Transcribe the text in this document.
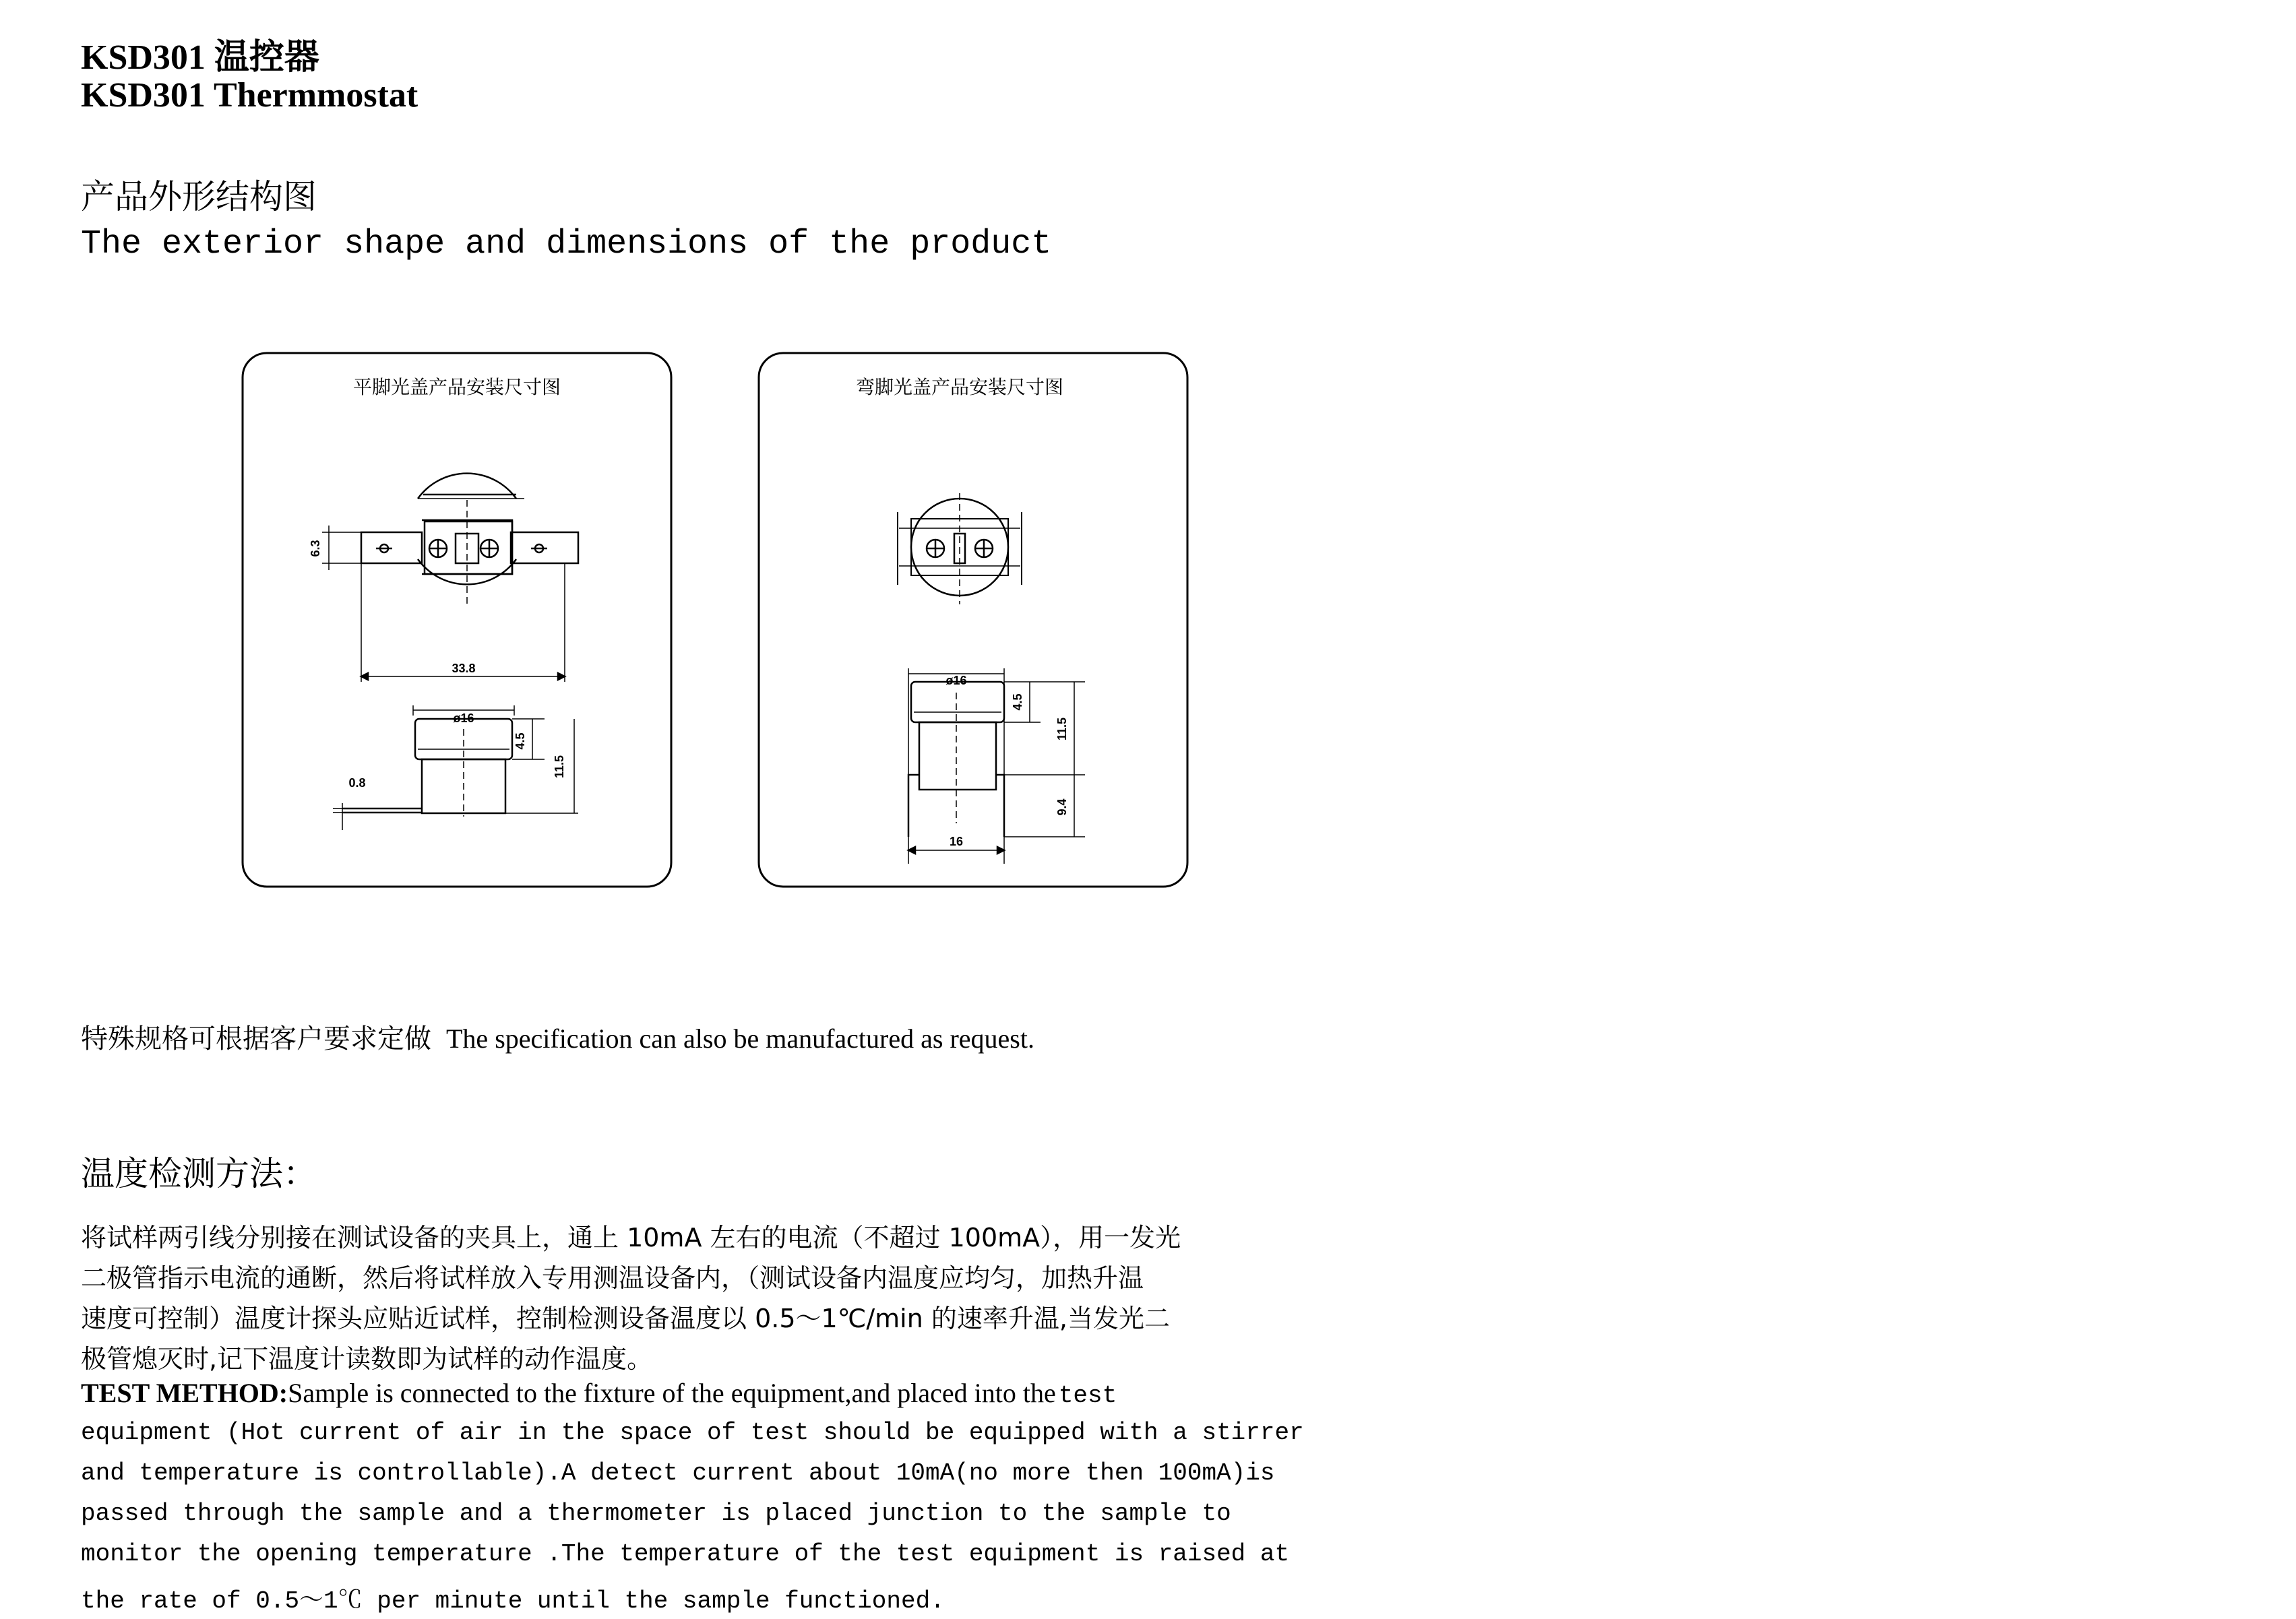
KSD301 温控器
KSD301 Thermmostat
产品外形结构图
The exterior shape and dimensions of the product
平脚光盖产品安装尺寸图
6.3
33.8
ø16
0.8
4.5
11.5
弯脚光盖产品安装尺寸图
ø16
4.5
11.5
9.4
16
特殊规格可根据客户要求定做 The specification can also be manufactured as request.
温度检测方法：
将试样两引线分别接在测试设备的夹具上，通上 10mA 左右的电流（不超过 100mA），用一发光
二极管指示电流的通断，然后将试样放入专用测温设备内，（测试设备内温度应均匀，加热升温
速度可控制）温度计探头应贴近试样，控制检测设备温度以 0.5～1℃/min 的速率升温,当发光二
极管熄灭时,记下温度计读数即为试样的动作温度。
TEST METHOD:Sample is connected to the fixture of the equipment,and placed into the test
equipment (Hot current of air in the space of test should be equipped with a stirrer
and temperature is controllable).A detect current about 10mA(no more then 100mA)is
passed through the sample and a thermometer is placed junction to the sample to
monitor the opening temperature .The temperature of the test equipment is raised at
the rate of 0.5～1℃ per minute until the sample functioned.
